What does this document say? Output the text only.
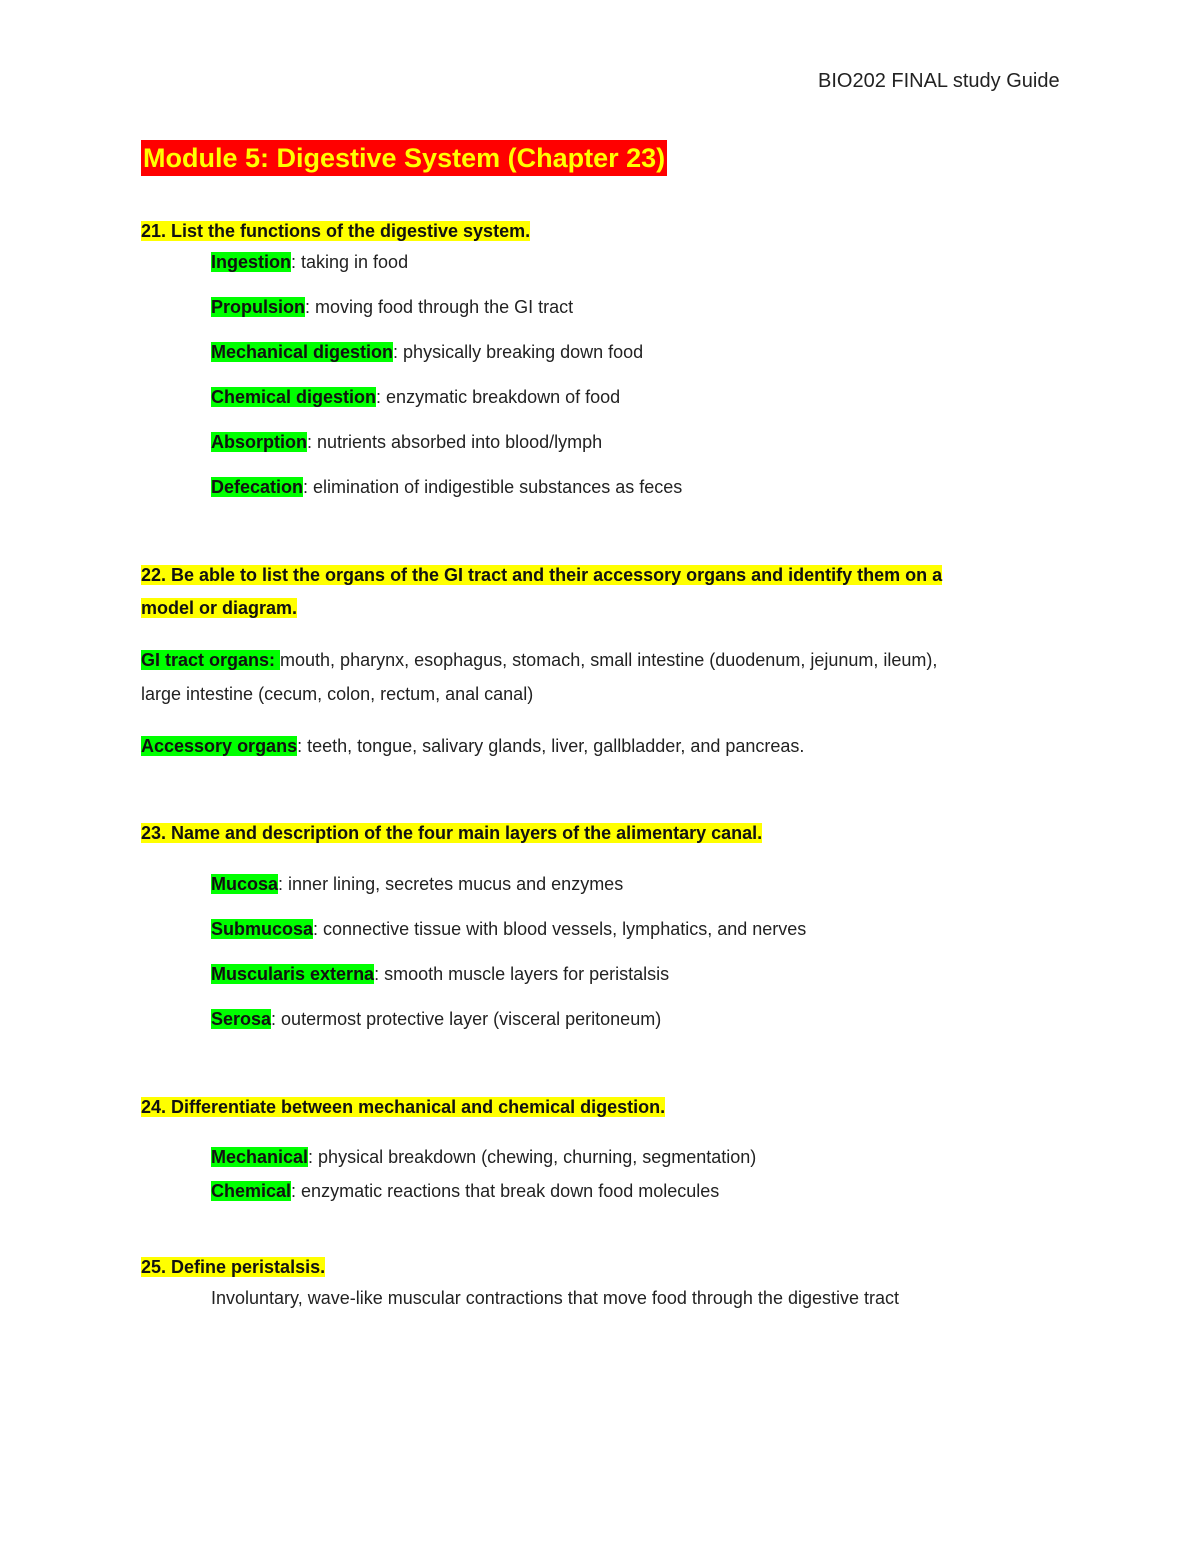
BIO202 FINAL study Guide
Module 5: Digestive System (Chapter 23)
21. List the functions of the digestive system.
Ingestion: taking in food
Propulsion: moving food through the GI tract
Mechanical digestion: physically breaking down food
Chemical digestion: enzymatic breakdown of food
Absorption: nutrients absorbed into blood/lymph
Defecation: elimination of indigestible substances as feces
22. Be able to list the organs of the GI tract and their accessory organs and identify them on a
model or diagram.
GI tract organs: mouth, pharynx, esophagus, stomach, small intestine (duodenum, jejunum, ileum),
large intestine (cecum, colon, rectum, anal canal)
Accessory organs: teeth, tongue, salivary glands, liver, gallbladder, and pancreas.
23. Name and description of the four main layers of the alimentary canal.
Mucosa: inner lining, secretes mucus and enzymes
Submucosa: connective tissue with blood vessels, lymphatics, and nerves
Muscularis externa: smooth muscle layers for peristalsis
Serosa: outermost protective layer (visceral peritoneum)
24. Differentiate between mechanical and chemical digestion.
Mechanical: physical breakdown (chewing, churning, segmentation)
Chemical: enzymatic reactions that break down food molecules
25. Define peristalsis.
Involuntary, wave-like muscular contractions that move food through the digestive tract
